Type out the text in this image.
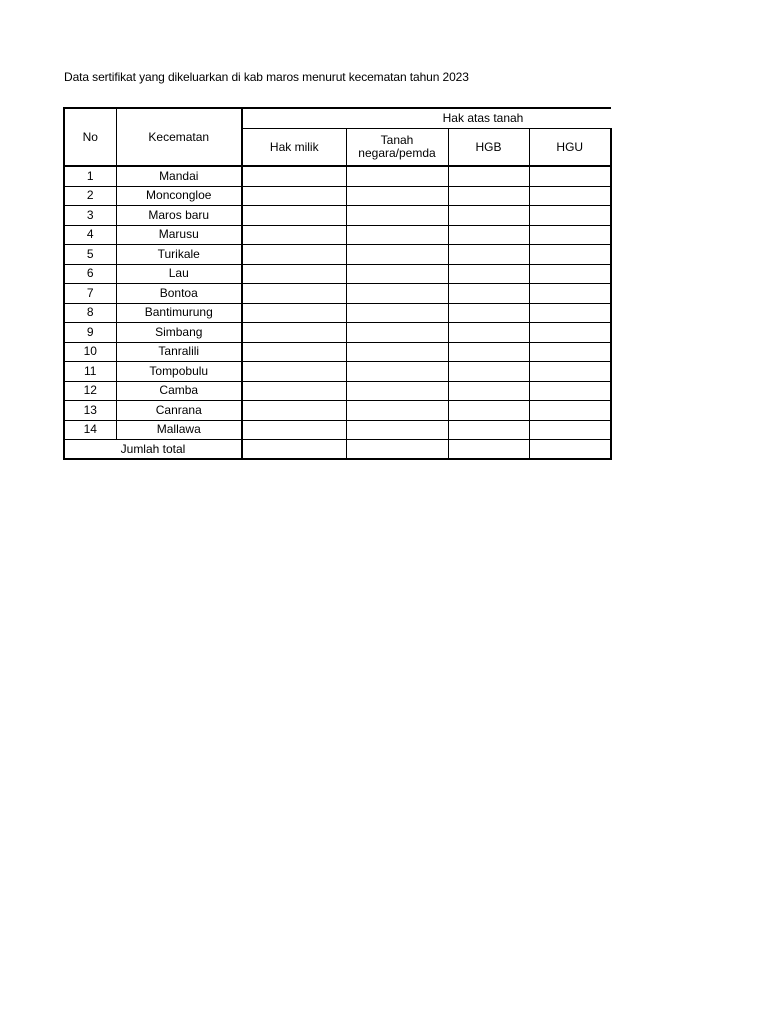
Data sertifikat yang dikeluarkan di kab maros menurut kecematan tahun 2023
No	Kecematan	Hak atas tanah			
		Hak milik	Tanah negara/pemda	HGB	HGU
1	Mandai				
2	Moncongloe				
3	Maros baru				
4	Marusu				
5	Turikale				
6	Lau				
7	Bontoa				
8	Bantimurung				
9	Simbang				
10	Tanralili				
11	Tompobulu				
12	Camba				
13	Canrana				
14	Mallawa				
Jumlah total					
